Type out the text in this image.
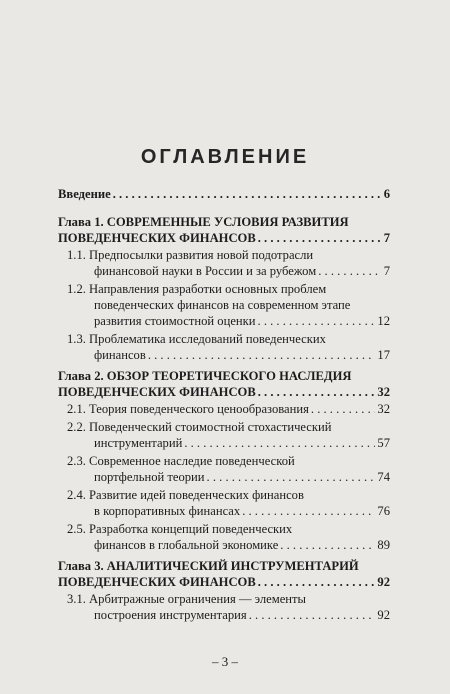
ОГЛАВЛЕНИЕ
Введение . . .	6
Глава 1. СОВРЕМЕННЫЕ УСЛОВИЯ РАЗВИТИЯ
ПОВЕДЕНЧЕСКИХ ФИНАНСОВ . . .	7
1.1. Предпосылки развития новой подотрасли
финансовой науки в России и за рубежом . . .	7
1.2. Направления разработки основных проблем
поведенческих финансов на современном этапе
развития стоимостной оценки . . .	12
1.3. Проблематика исследований поведенческих
финансов . . .	17
Глава 2. ОБЗОР ТЕОРЕТИЧЕСКОГО НАСЛЕДИЯ
ПОВЕДЕНЧЕСКИХ ФИНАНСОВ . . .	32
2.1.
Теория поведенческого ценообразования . . .	32
2.2. Поведенческий стоимостной стохастический
инструментарий . . .	57
2.3. Современное наследие поведенческой
портфельной теории . . .	74
2.4. Развитие идей поведенческих финансов
в корпоративных финансах . . .	76
2.5. Разработка концепций поведенческих
финансов в глобальной экономике . . .	89
Глава 3. АНАЛИТИЧЕСКИЙ ИНСТРУМЕНТАРИЙ
ПОВЕДЕНЧЕСКИХ ФИНАНСОВ . . .	92
3.1. Арбитражные ограничения — элементы
построения инструментария . . .	92
– 3 –
